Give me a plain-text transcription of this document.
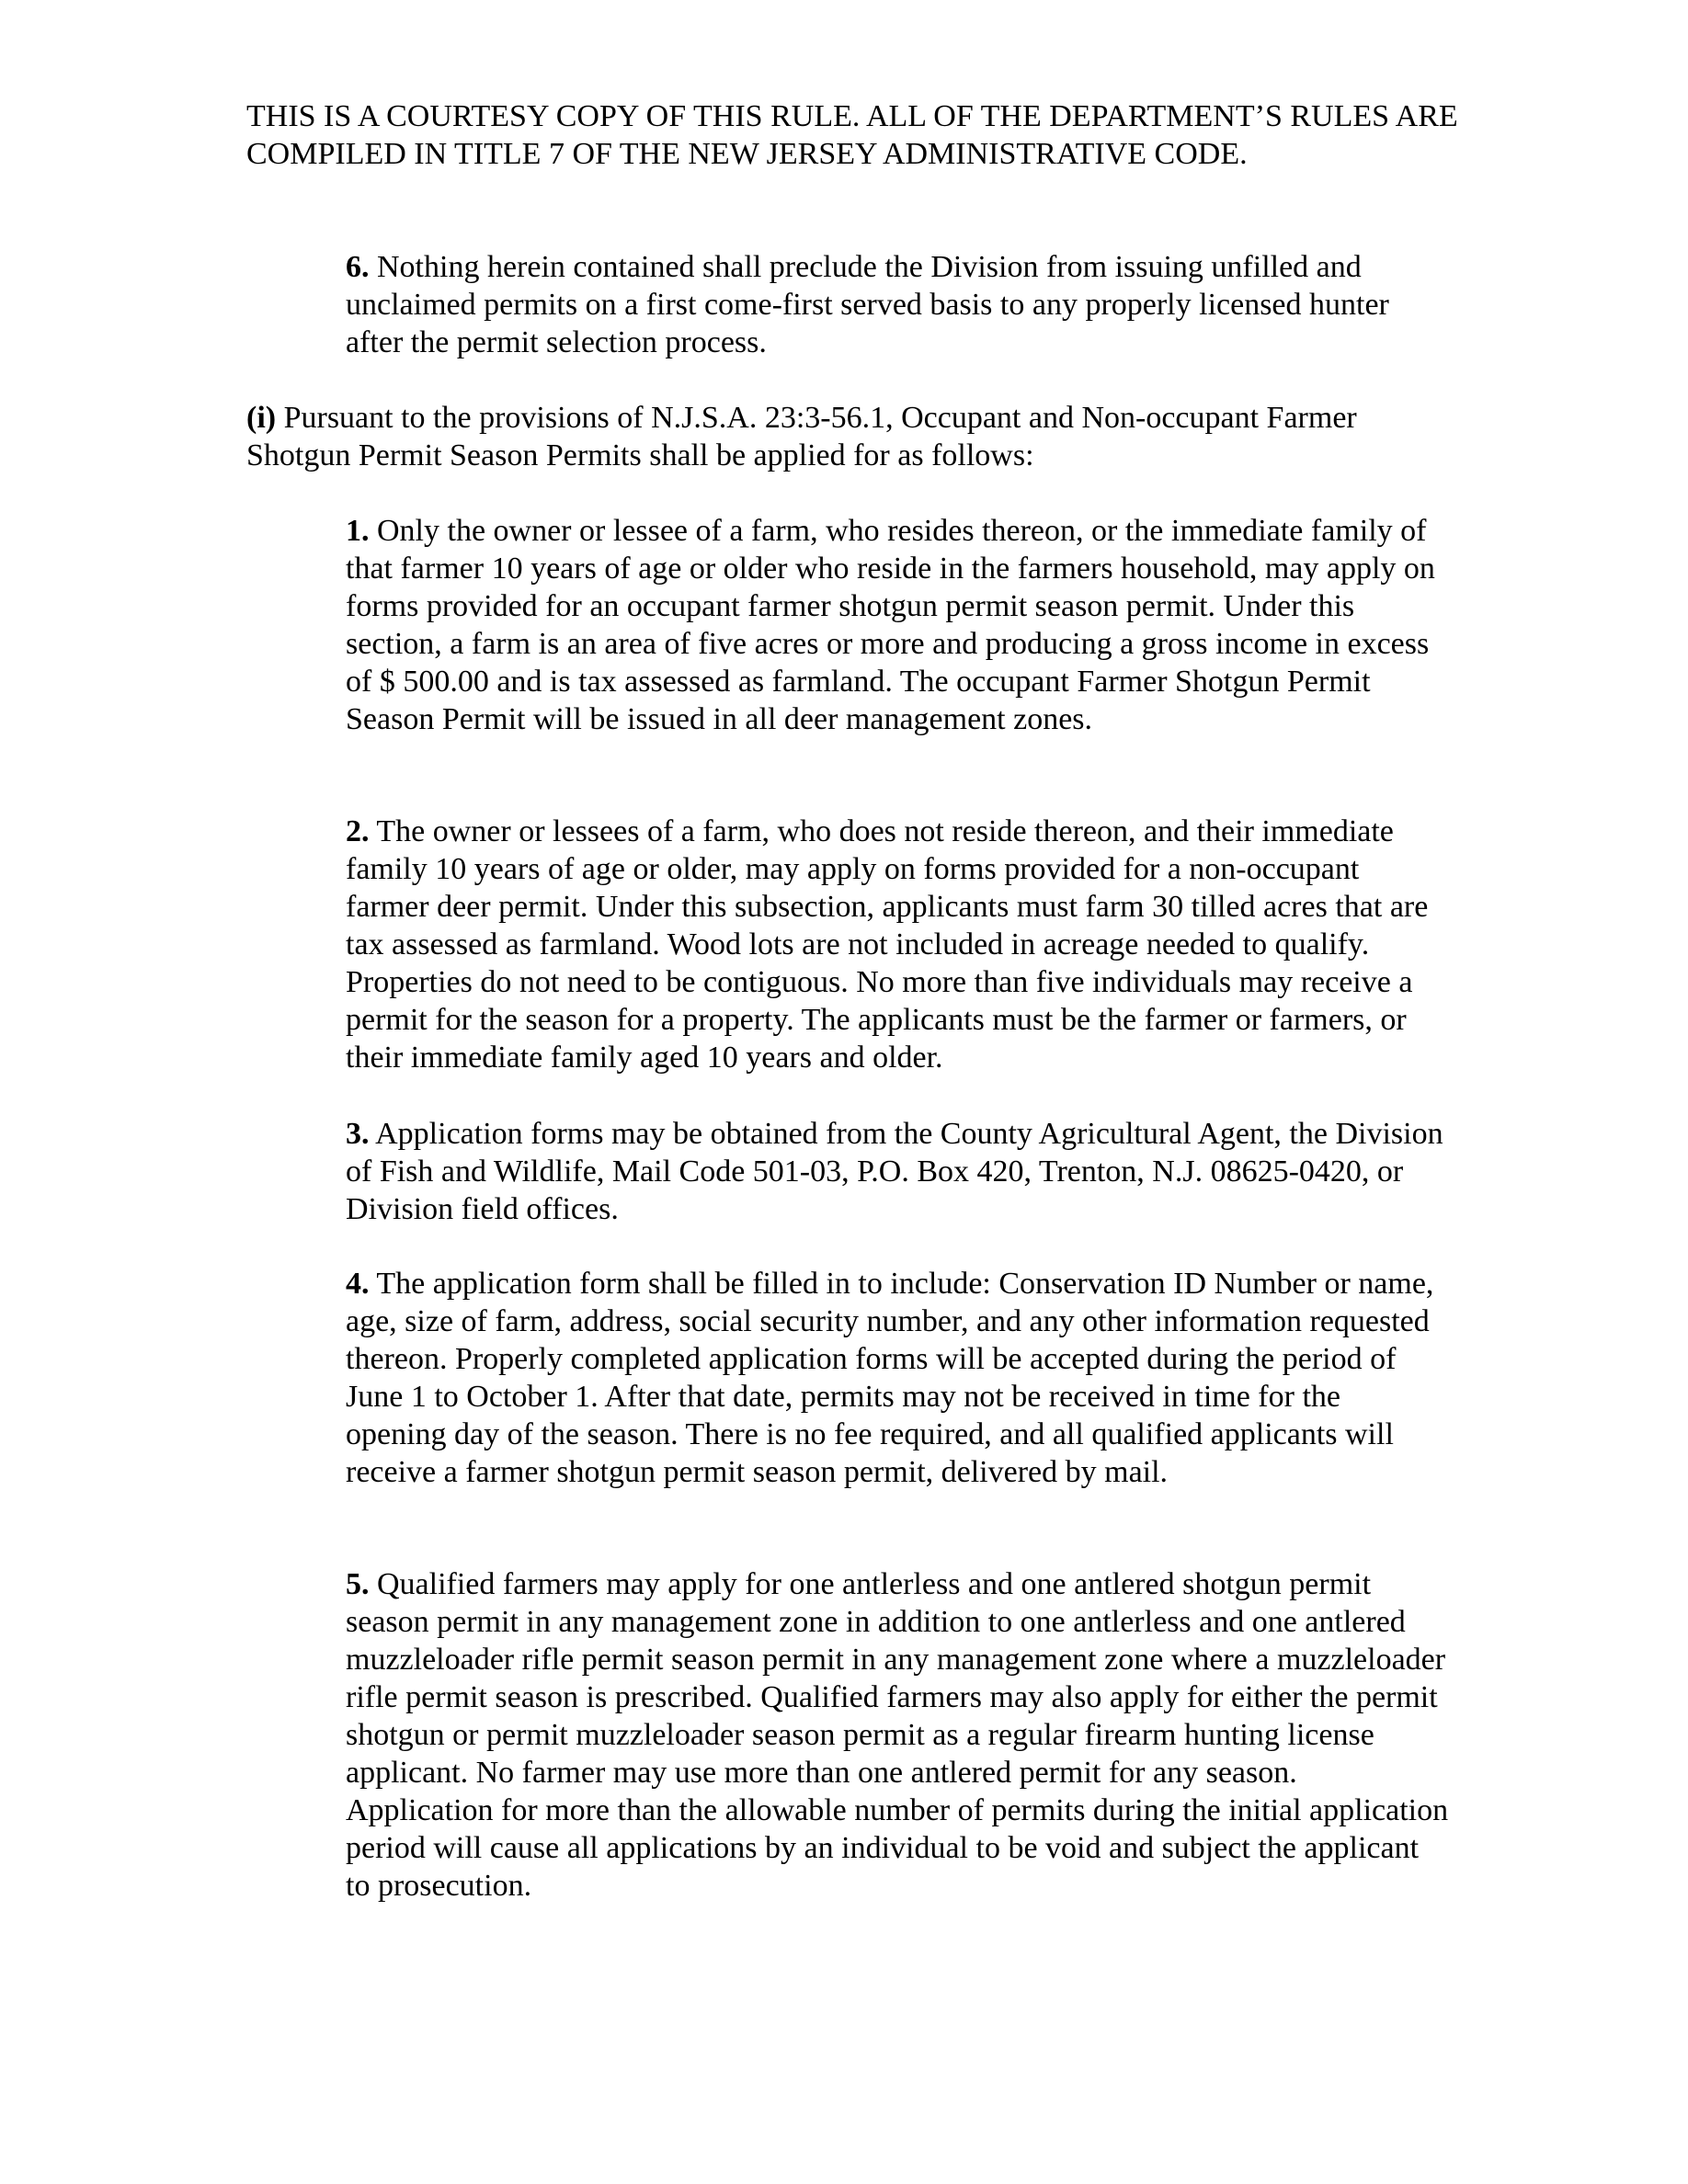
THIS IS A COURTESY COPY OF THIS RULE. ALL OF THE DEPARTMENT’S RULES ARE COMPILED IN TITLE 7 OF THE NEW JERSEY ADMINISTRATIVE CODE.

6. Nothing herein contained shall preclude the Division from issuing unfilled and unclaimed permits on a first come-first served basis to any properly licensed hunter after the permit selection process.

(i) Pursuant to the provisions of N.J.S.A. 23:3-56.1, Occupant and Non-occupant Farmer Shotgun Permit Season Permits shall be applied for as follows:

1. Only the owner or lessee of a farm, who resides thereon, or the immediate family of that farmer 10 years of age or older who reside in the farmers household, may apply on forms provided for an occupant farmer shotgun permit season permit. Under this section, a farm is an area of five acres or more and producing a gross income in excess of $ 500.00 and is tax assessed as farmland. The occupant Farmer Shotgun Permit Season Permit will be issued in all deer management zones.

2. The owner or lessees of a farm, who does not reside thereon, and their immediate family 10 years of age or older, may apply on forms provided for a non-occupant farmer deer permit. Under this subsection, applicants must farm 30 tilled acres that are tax assessed as farmland. Wood lots are not included in acreage needed to qualify. Properties do not need to be contiguous. No more than five individuals may receive a permit for the season for a property. The applicants must be the farmer or farmers, or their immediate family aged 10 years and older.

3. Application forms may be obtained from the County Agricultural Agent, the Division of Fish and Wildlife, Mail Code 501-03, P.O. Box 420, Trenton, N.J. 08625-0420, or Division field offices.

4. The application form shall be filled in to include: Conservation ID Number or name, age, size of farm, address, social security number, and any other information requested thereon. Properly completed application forms will be accepted during the period of June 1 to October 1. After that date, permits may not be received in time for the opening day of the season. There is no fee required, and all qualified applicants will receive a farmer shotgun permit season permit, delivered by mail.

5. Qualified farmers may apply for one antlerless and one antlered shotgun permit season permit in any management zone in addition to one antlerless and one antlered muzzleloader rifle permit season permit in any management zone where a muzzleloader rifle permit season is prescribed. Qualified farmers may also apply for either the permit shotgun or permit muzzleloader season permit as a regular firearm hunting license applicant. No farmer may use more than one antlered permit for any season. Application for more than the allowable number of permits during the initial application period will cause all applications by an individual to be void and subject the applicant to prosecution.
